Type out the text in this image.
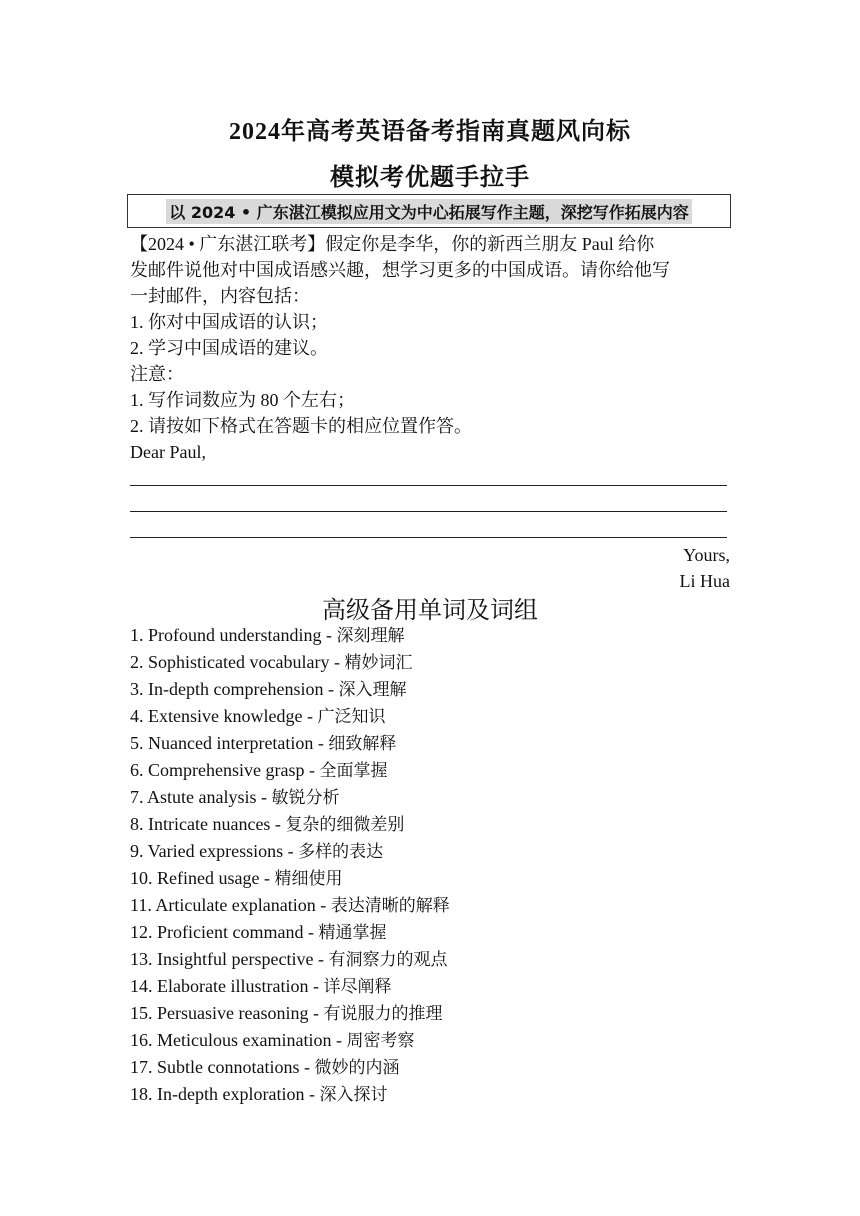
2024年高考英语备考指南真题风向标
模拟考优题手拉手
以 2024 • 广东湛江模拟应用文为中心拓展写作主题，深挖写作拓展内容
【2024 • 广东湛江联考】假定你是李华，你的新西兰朋友 Paul 给你
发邮件说他对中国成语感兴趣，想学习更多的中国成语。请你给他写
一封邮件，内容包括：
1. 你对中国成语的认识；
2. 学习中国成语的建议。
注意：
1. 写作词数应为 80 个左右；
2. 请按如下格式在答题卡的相应位置作答。
Dear Paul,
Yours,
Li Hua
高级备用单词及词组
1. Profound understanding - 深刻理解
2. Sophisticated vocabulary - 精妙词汇
3. In-depth comprehension - 深入理解
4. Extensive knowledge - 广泛知识
5. Nuanced interpretation - 细致解释
6. Comprehensive grasp - 全面掌握
7. Astute analysis - 敏锐分析
8. Intricate nuances - 复杂的细微差别
9. Varied expressions - 多样的表达
10. Refined usage - 精细使用
11. Articulate explanation - 表达清晰的解释
12. Proficient command - 精通掌握
13. Insightful perspective - 有洞察力的观点
14. Elaborate illustration - 详尽阐释
15. Persuasive reasoning - 有说服力的推理
16. Meticulous examination - 周密考察
17. Subtle connotations - 微妙的内涵
18. In-depth exploration - 深入探讨
